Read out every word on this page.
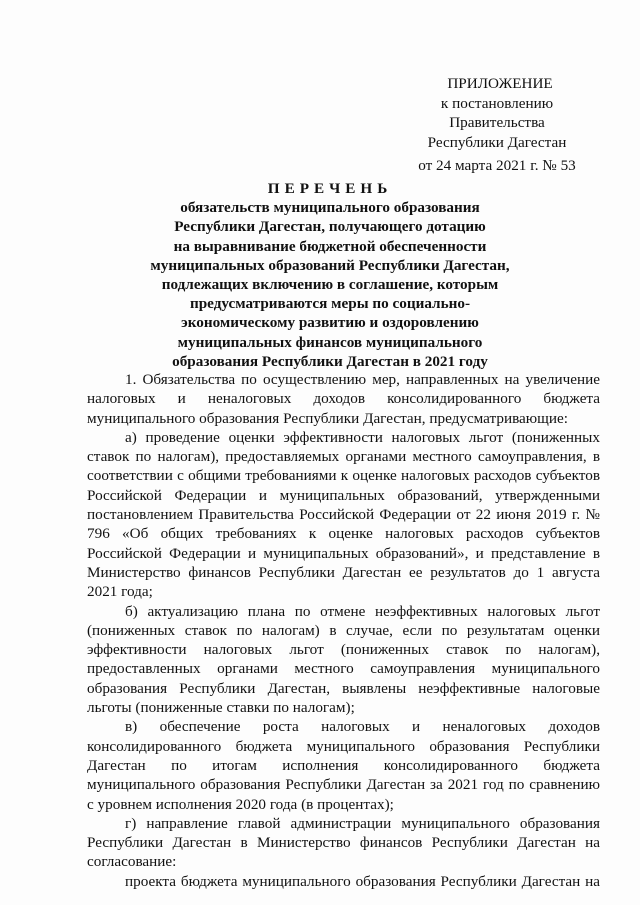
ПРИЛОЖЕНИЕ
к постановлению Правительства
Республики Дагестан
от 24 марта 2021 г. № 53
ПЕРЕЧЕНЬ
обязательств муниципального образования
Республики Дагестан, получающего дотацию
на выравнивание бюджетной обеспеченности
муниципальных образований Республики Дагестан,
подлежащих включению в соглашение, которым
предусматриваются меры по социально-
экономическому развитию и оздоровлению
муниципальных финансов муниципального
образования Республики Дагестан в 2021 году

1. Обязательства по осуществлению мер, направленных на увеличение налоговых и неналоговых доходов консолидированного бюджета муниципального образования Республики Дагестан, предусматривающие:

а) проведение оценки эффективности налоговых льгот (пониженных ставок по налогам), предоставляемых органами местного самоуправления, в соответствии с общими требованиями к оценке налоговых расходов субъектов Российской Федерации и муниципальных образований, утвержденными постановлением Правительства Российской Федерации от 22 июня 2019 г. № 796 «Об общих требованиях к оценке налоговых расходов субъектов Российской Федерации и муниципальных образований», и представление в Министерство финансов Республики Дагестан ее результатов до 1 августа 2021 года;

б) актуализацию плана по отмене неэффективных налоговых льгот (пониженных ставок по налогам) в случае, если по результатам оценки эффективности налоговых льгот (пониженных ставок по налогам), предоставленных органами местного самоуправления муниципального образования Республики Дагестан, выявлены неэффективные налоговые льготы (пониженные ставки по налогам);

в) обеспечение роста налоговых и неналоговых доходов консолидированного бюджета муниципального образования Республики Дагестан по итогам исполнения консолидированного бюджета муниципального образования Республики Дагестан за 2021 год по сравнению с уровнем исполнения 2020 года (в процентах);

г) направление главой администрации муниципального образования Республики Дагестан в Министерство финансов Республики Дагестан на согласование:

проекта бюджета муниципального образования Республики Дагестан на
